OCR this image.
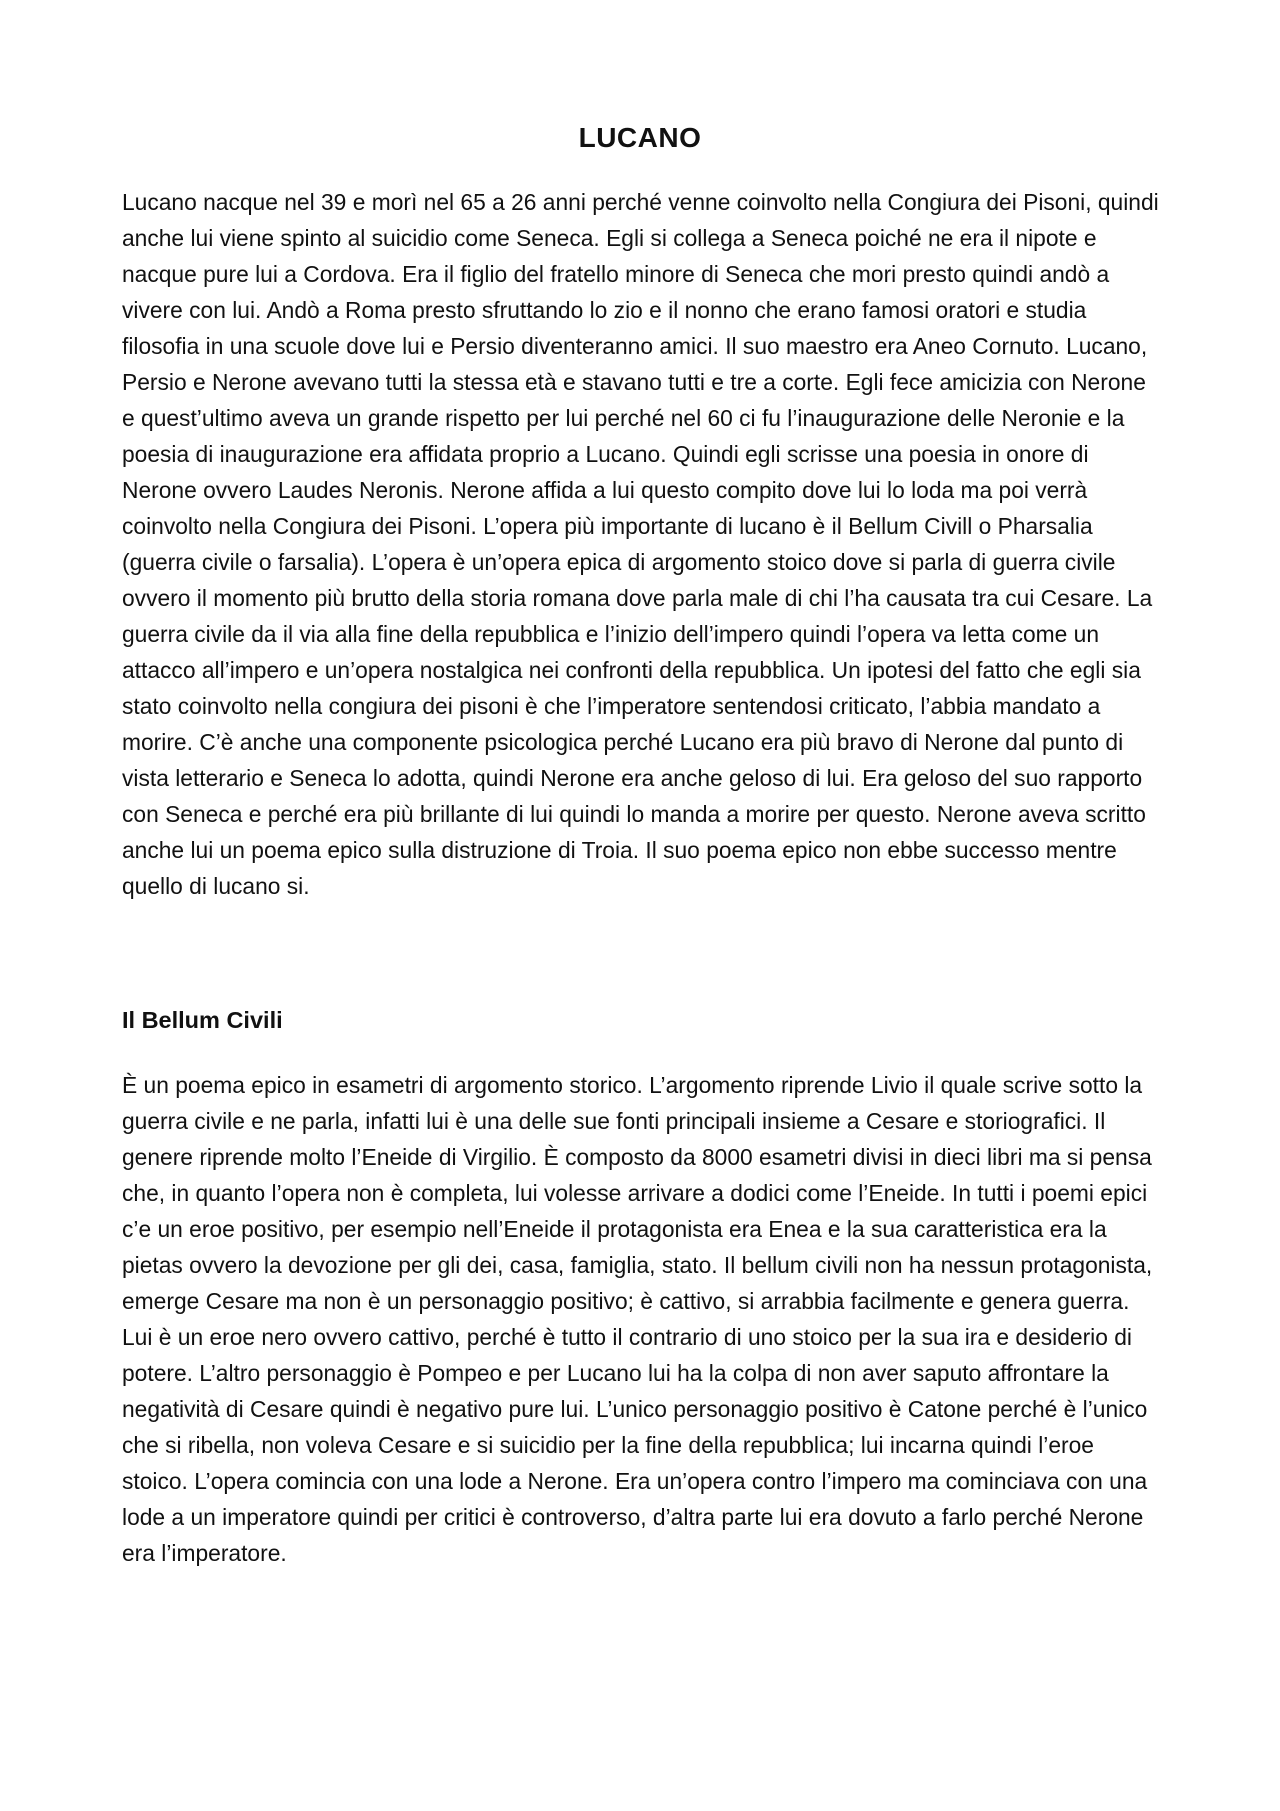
LUCANO

Lucano nacque nel 39 e morì nel 65 a 26 anni perché venne coinvolto nella Congiura dei Pisoni, quindi anche lui viene spinto al suicidio come Seneca. Egli si collega a Seneca poiché ne era il nipote e nacque pure lui a Cordova. Era il figlio del fratello minore di Seneca che mori presto quindi andò a vivere con lui. Andò a Roma presto sfruttando lo zio e il nonno che erano famosi oratori e studia filosofia in una scuole dove lui e Persio diventeranno amici. Il suo maestro era Aneo Cornuto. Lucano, Persio e Nerone avevano tutti la stessa età e stavano tutti e tre a corte. Egli fece amicizia con Nerone e quest’ultimo aveva un grande rispetto per lui perché nel 60 ci fu l’inaugurazione delle Neronie e la poesia di inaugurazione era affidata proprio a Lucano. Quindi egli scrisse una poesia in onore di Nerone ovvero Laudes Neronis. Nerone affida a lui questo compito dove lui lo loda ma poi verrà coinvolto nella Congiura dei Pisoni. L’opera più importante di lucano è il Bellum Civill o Pharsalia (guerra civile o farsalia). L’opera è un’opera epica di argomento stoico dove si parla di guerra civile ovvero il momento più brutto della storia romana dove parla male di chi l’ha causata tra cui Cesare. La guerra civile da il via alla fine della repubblica e l’inizio dell’impero quindi l’opera va letta come un attacco all’impero e un’opera nostalgica nei confronti della repubblica. Un ipotesi del fatto che egli sia stato coinvolto nella congiura dei pisoni è che l’imperatore sentendosi criticato, l’abbia mandato a morire. C’è anche una componente psicologica perché Lucano era più bravo di Nerone dal punto di vista letterario e Seneca lo adotta, quindi Nerone era anche geloso di lui. Era geloso del suo rapporto con Seneca e perché era più brillante di lui quindi lo manda a morire per questo. Nerone aveva scritto anche lui un poema epico sulla distruzione di Troia. Il suo poema epico non ebbe successo mentre quello di lucano si.

Il Bellum Civili

È un poema epico in esametri di argomento storico. L’argomento riprende Livio il quale scrive sotto la guerra civile e ne parla, infatti lui è una delle sue fonti principali insieme a Cesare e storiografici. Il genere riprende molto l’Eneide di Virgilio. È composto da 8000 esametri divisi in dieci libri ma si pensa che, in quanto l’opera non è completa, lui volesse arrivare a dodici come l’Eneide. In tutti i poemi epici c’e un eroe positivo, per esempio nell’Eneide il protagonista era Enea e la sua caratteristica era la pietas ovvero la devozione per gli dei, casa, famiglia, stato. Il bellum civili non ha nessun protagonista, emerge Cesare ma non è un personaggio positivo; è cattivo, si arrabbia facilmente e genera guerra. Lui è un eroe nero ovvero cattivo, perché è tutto il contrario di uno stoico per la sua ira e desiderio di potere. L’altro personaggio è Pompeo e per Lucano lui ha la colpa di non aver saputo affrontare la negatività di Cesare quindi è negativo pure lui. L’unico personaggio positivo è Catone perché è l’unico che si ribella, non voleva Cesare e si suicidio per la fine della repubblica; lui incarna quindi l’eroe stoico. L’opera comincia con una lode a Nerone. Era un’opera contro l’impero ma cominciava con una lode a un imperatore quindi per critici è controverso, d’altra parte lui era dovuto a farlo perché Nerone era l’imperatore.
